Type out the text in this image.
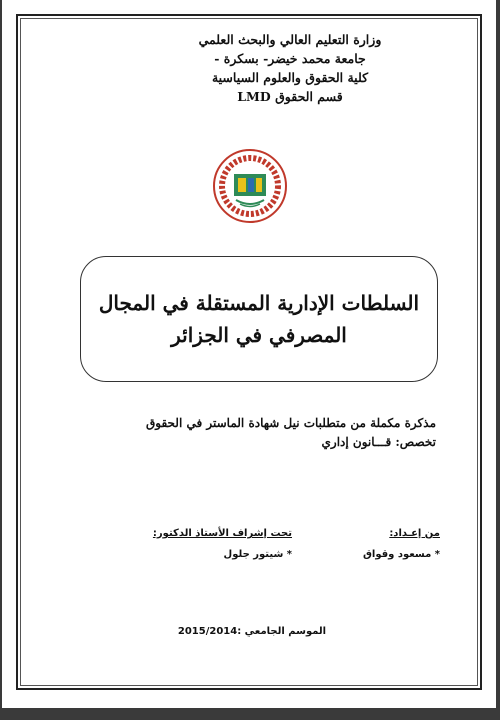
وزارة التعليم العالي والبحث العلمي
جامعة محمد خيضر- بسكرة -
كلية الحقوق والعلوم السياسية
قسم الحقوق LMD
السلطات الإدارية المستقلة في المجال
المصرفي في الجزائر
مذكرة مكملة من متطلبات نيل شهادة الماستر في الحقوق
تخصص: قـــانون إداري
من إعـداد:
* مسعود وقواق
تحت إشراف الأستاذ الدكتور:
* شيتور جلول
الموسم الجامعي :2015/2014
